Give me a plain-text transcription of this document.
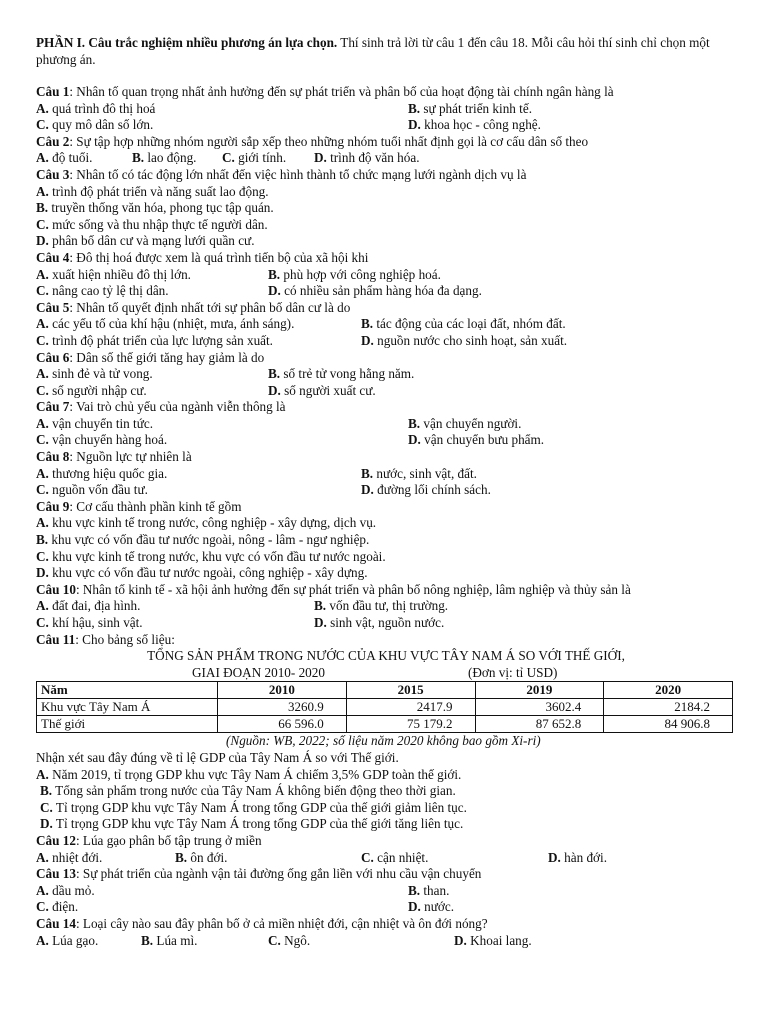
PHẦN I. Câu trắc nghiệm nhiều phương án lựa chọn. Thí sinh trả lời từ câu 1 đến câu 18. Mỗi câu hỏi thí sinh chỉ chọn một phương án.
Câu 1: Nhân tố quan trọng nhất ảnh hưởng đến sự phát triển và phân bố của hoạt động tài chính ngân hàng là
A. quá trình đô thị hoá	B. sự phát triển kinh tế.
C. quy mô dân số lớn.	D. khoa học - công nghệ.
Câu 2: Sự tập hợp những nhóm người sắp xếp theo những nhóm tuổi nhất định gọi là cơ cấu dân số theo
A. độ tuổi.	B. lao động. C. giới tính. D. trình độ văn hóa.
Câu 3: Nhân tố có tác động lớn nhất đến việc hình thành tổ chức mạng lưới ngành dịch vụ là
A. trình độ phát triển và năng suất lao động.
B. truyền thống văn hóa, phong tục tập quán.
C. mức sống và thu nhập thực tế người dân.
D. phân bố dân cư và mạng lưới quần cư.
Câu 4: Đô thị hoá được xem là quá trình tiến bộ của xã hội khi
A. xuất hiện nhiều đô thị lớn.	B. phù hợp với công nghiệp hoá.
C. nâng cao tỷ lệ thị dân.	D. có nhiều sản phẩm hàng hóa đa dạng.
Câu 5: Nhân tố quyết định nhất tới sự phân bố dân cư là do
A. các yếu tố của khí hậu (nhiệt, mưa, ánh sáng).	B. tác động của các loại đất, nhóm đất.
C. trình độ phát triển của lực lượng sản xuất.	D. nguồn nước cho sinh hoạt, sản xuất.
Câu 6: Dân số thế giới tăng hay giảm là do
A. sinh đẻ và tử vong.	B. số trẻ tử vong hằng năm.
C. số người nhập cư.	D. số người xuất cư.
Câu 7: Vai trò chủ yếu của ngành viễn thông là
A. vận chuyển tin tức.	B. vận chuyển người.
C. vận chuyển hàng hoá.	D. vận chuyển bưu phẩm.
Câu 8: Nguồn lực tự nhiên là
A. thương hiệu quốc gia.	B. nước, sinh vật, đất.
C. nguồn vốn đầu tư.	D. đường lối chính sách.
Câu 9: Cơ cấu thành phần kinh tế gồm
A. khu vực kinh tế trong nước, công nghiệp - xây dựng, dịch vụ.
B. khu vực có vốn đầu tư nước ngoài, nông - lâm - ngư nghiệp.
C. khu vực kinh tế trong nước, khu vực có vốn đầu tư nước ngoài.
D. khu vực có vốn đầu tư nước ngoài, công nghiệp - xây dựng.
Câu 10: Nhân tố kinh tế - xã hội ảnh hưởng đến sự phát triển và phân bố nông nghiệp, lâm nghiệp và thủy sản là
A. đất đai, địa hình.	B. vốn đầu tư, thị trường.
C. khí hậu, sinh vật.	D. sinh vật, nguồn nước.
Câu 11: Cho bảng số liệu:
TỔNG SẢN PHẨM TRONG NƯỚC CỦA KHU VỰC TÂY NAM Á SO VỚI THẾ GIỚI,
GIAI ĐOẠN 2010- 2020	(Đơn vị: tỉ USD)
Năm	2010	2015	2019	2020
Khu vực Tây Nam Á	3260.9	2417.9	3602.4	2184.2
Thế giới	66 596.0	75 179.2	87 652.8	84 906.8
(Nguồn: WB, 2022; số liệu năm 2020 không bao gồm Xi-ri)
Nhận xét sau đây đúng về tỉ lệ GDP của Tây Nam Á so với Thế giới.
A. Năm 2019, tỉ trọng GDP khu vực Tây Nam Á chiếm 3,5% GDP toàn thế giới.
B. Tổng sản phẩm trong nước của Tây Nam Á không biến động theo thời gian.
C. Tỉ trọng GDP khu vực Tây Nam Á trong tổng GDP của thế giới giảm liên tục.
D. Tỉ trọng GDP khu vực Tây Nam Á trong tổng GDP của thế giới tăng liên tục.
Câu 12: Lúa gạo phân bố tập trung ở miền
A. nhiệt đới.	B. ôn đới.	C. cận nhiệt.	D. hàn đới.
Câu 13: Sự phát triển của ngành vận tải đường ống gắn liền với nhu cầu vận chuyển
A. dầu mỏ.	B. than.
C. điện.	D. nước.
Câu 14: Loại cây nào sau đây phân bố ở cả miền nhiệt đới, cận nhiệt và ôn đới nóng?
A. Lúa gạo.	B. Lúa mì.	C. Ngô.	D. Khoai lang.
